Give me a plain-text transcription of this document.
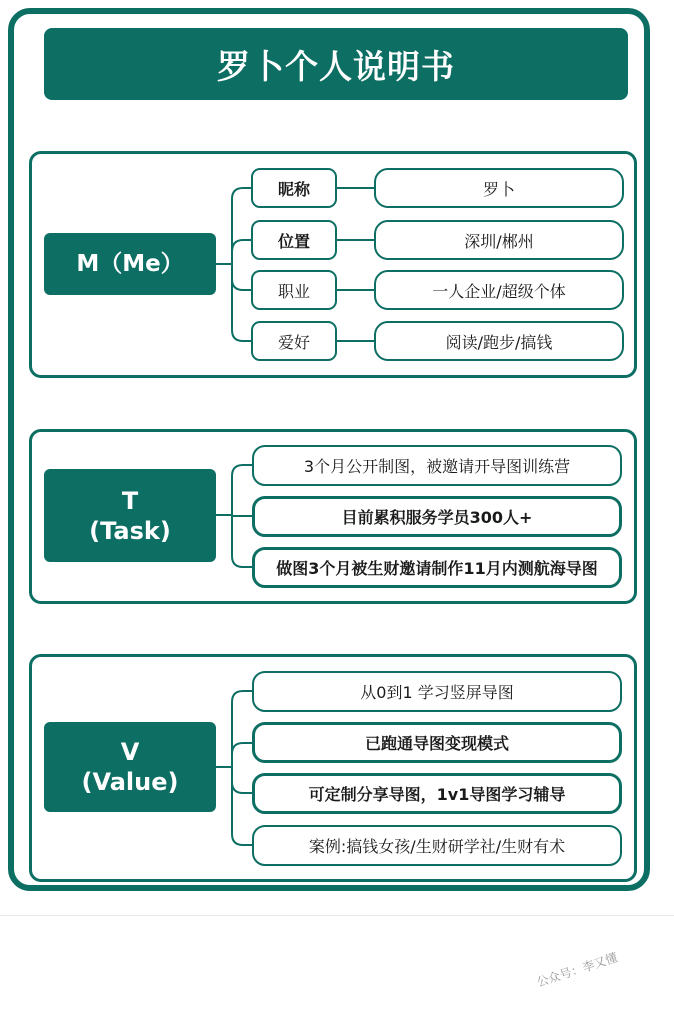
罗卜个人说明书
M（Me）
昵称	罗卜
位置	深圳/郴州
职业	一人企业/超级个体
爱好	阅读/跑步/搞钱
T
(Task)
3个月公开制图，被邀请开导图训练营
目前累积服务学员300人+
做图3个月被生财邀请制作11月内测航海导图
V
(Value)
从0到1 学习竖屏导图
已跑通导图变现模式
可定制分享导图，1v1导图学习辅导
案例:搞钱女孩/生财研学社/生财有术
公众号：李又懂
